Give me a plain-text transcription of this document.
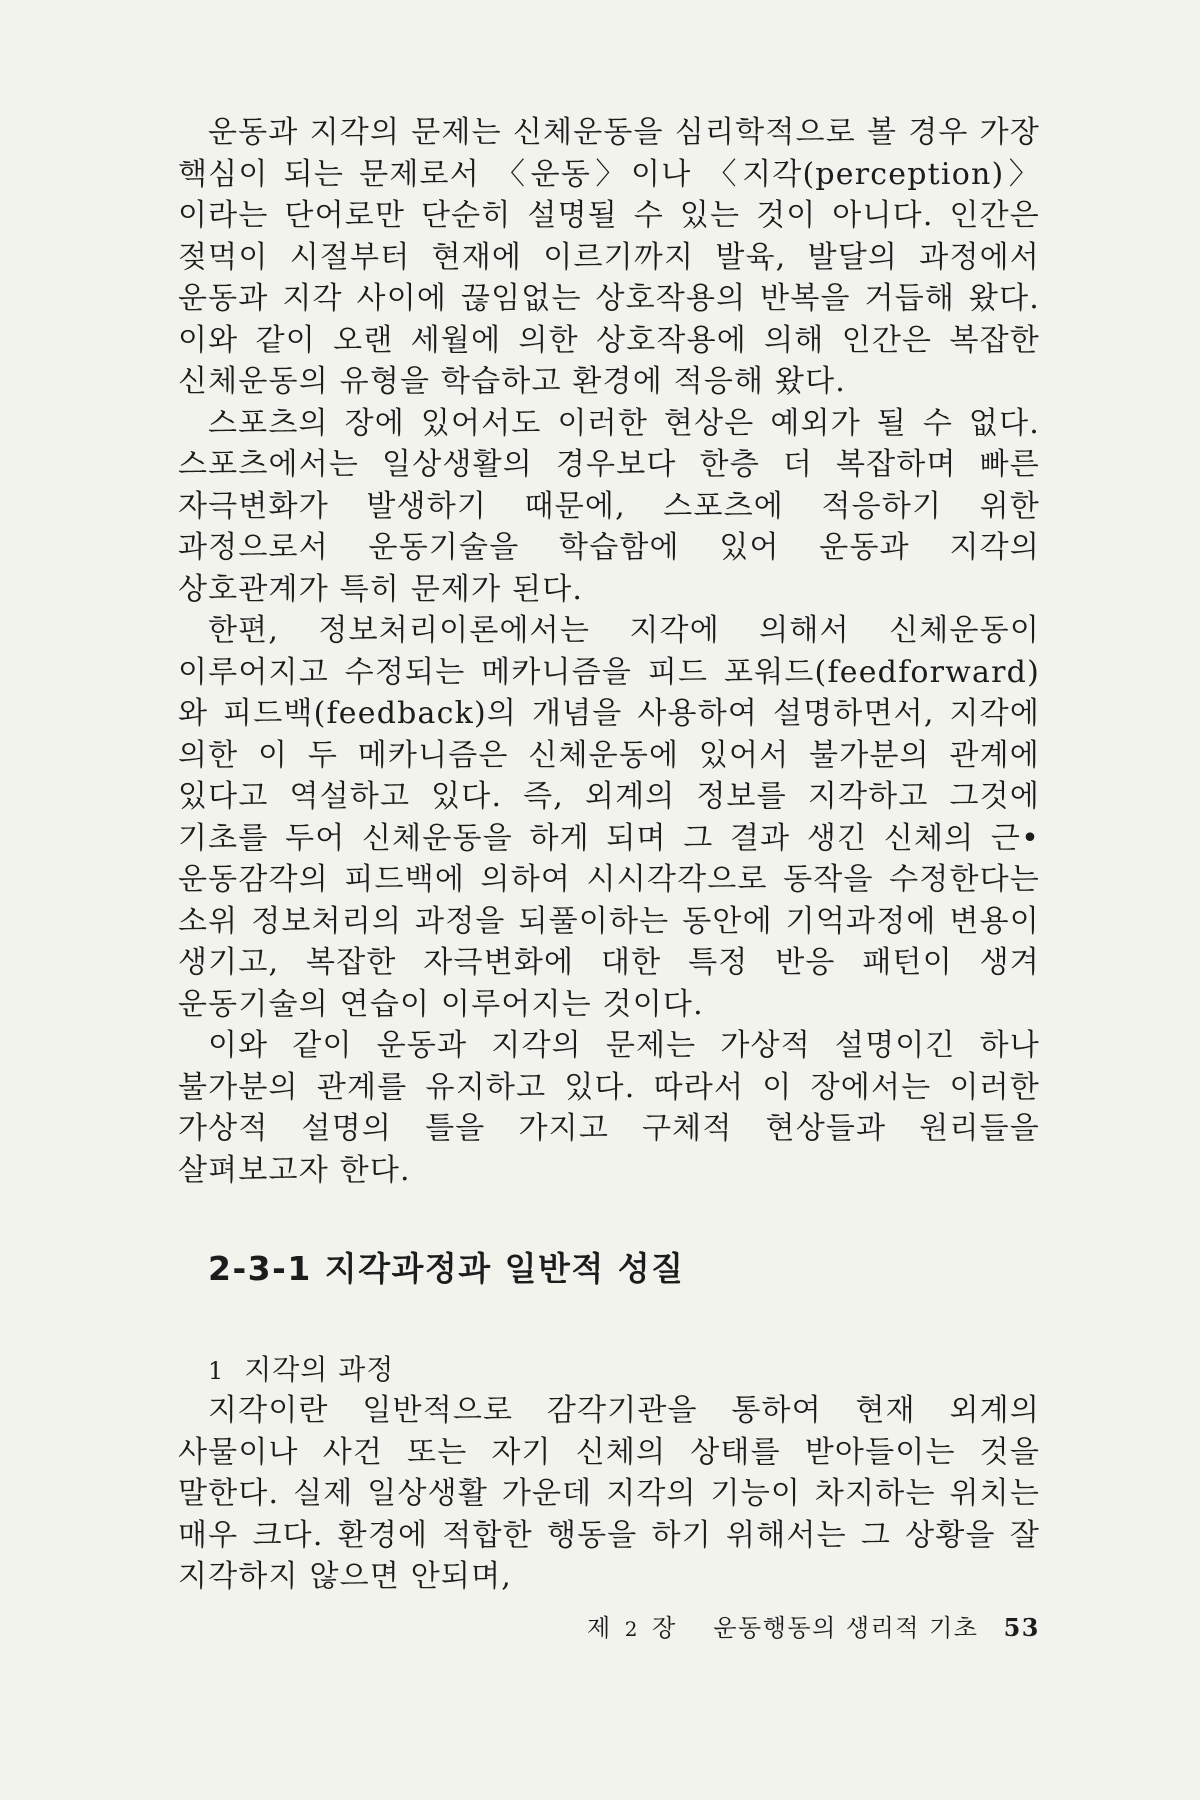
운동과 지각의 문제는 신체운동을 심리학적으로 볼 경우 가장 핵심이 되는 문제로서 〈운동〉이나 〈지각(perception)〉이라는 단어로만 단순히 설명될 수 있는 것이 아니다. 인간은 젖먹이 시절부터 현재에 이르기까지 발육, 발달의 과정에서 운동과 지각 사이에 끊임없는 상호작용의 반복을 거듭해 왔다. 이와 같이 오랜 세월에 의한 상호작용에 의해 인간은 복잡한 신체운동의 유형을 학습하고 환경에 적응해 왔다.

스포츠의 장에 있어서도 이러한 현상은 예외가 될 수 없다. 스포츠에서는 일상생활의 경우보다 한층 더 복잡하며 빠른 자극변화가 발생하기 때문에, 스포츠에 적응하기 위한 과정으로서 운동기술을 학습함에 있어 운동과 지각의 상호관계가 특히 문제가 된다.

한편, 정보처리이론에서는 지각에 의해서 신체운동이 이루어지고 수정되는 메카니즘을 피드 포워드(feedforward)와 피드백(feedback)의 개념을 사용하여 설명하면서, 지각에 의한 이 두 메카니즘은 신체운동에 있어서 불가분의 관계에 있다고 역설하고 있다. 즉, 외계의 정보를 지각하고 그것에 기초를 두어 신체운동을 하게 되며 그 결과 생긴 신체의 근•운동감각의 피드백에 의하여 시시각각으로 동작을 수정한다는 소위 정보처리의 과정을 되풀이하는 동안에 기억과정에 변용이 생기고, 복잡한 자극변화에 대한 특정 반응 패턴이 생겨 운동기술의 연습이 이루어지는 것이다.

이와 같이 운동과 지각의 문제는 가상적 설명이긴 하나 불가분의 관계를 유지하고 있다. 따라서 이 장에서는 이러한 가상적 설명의 틀을 가지고 구체적 현상들과 원리들을 살펴보고자 한다.

2-3-1 지각과정과 일반적 성질

1 지각의 과정

지각이란 일반적으로 감각기관을 통하여 현재 외계의 사물이나 사건 또는 자기 신체의 상태를 받아들이는 것을 말한다. 실제 일상생활 가운데 지각의 기능이 차지하는 위치는 매우 크다. 환경에 적합한 행동을 하기 위해서는 그 상황을 잘 지각하지 않으면 안되며,

제 2 장 운동행동의 생리적 기초 53
